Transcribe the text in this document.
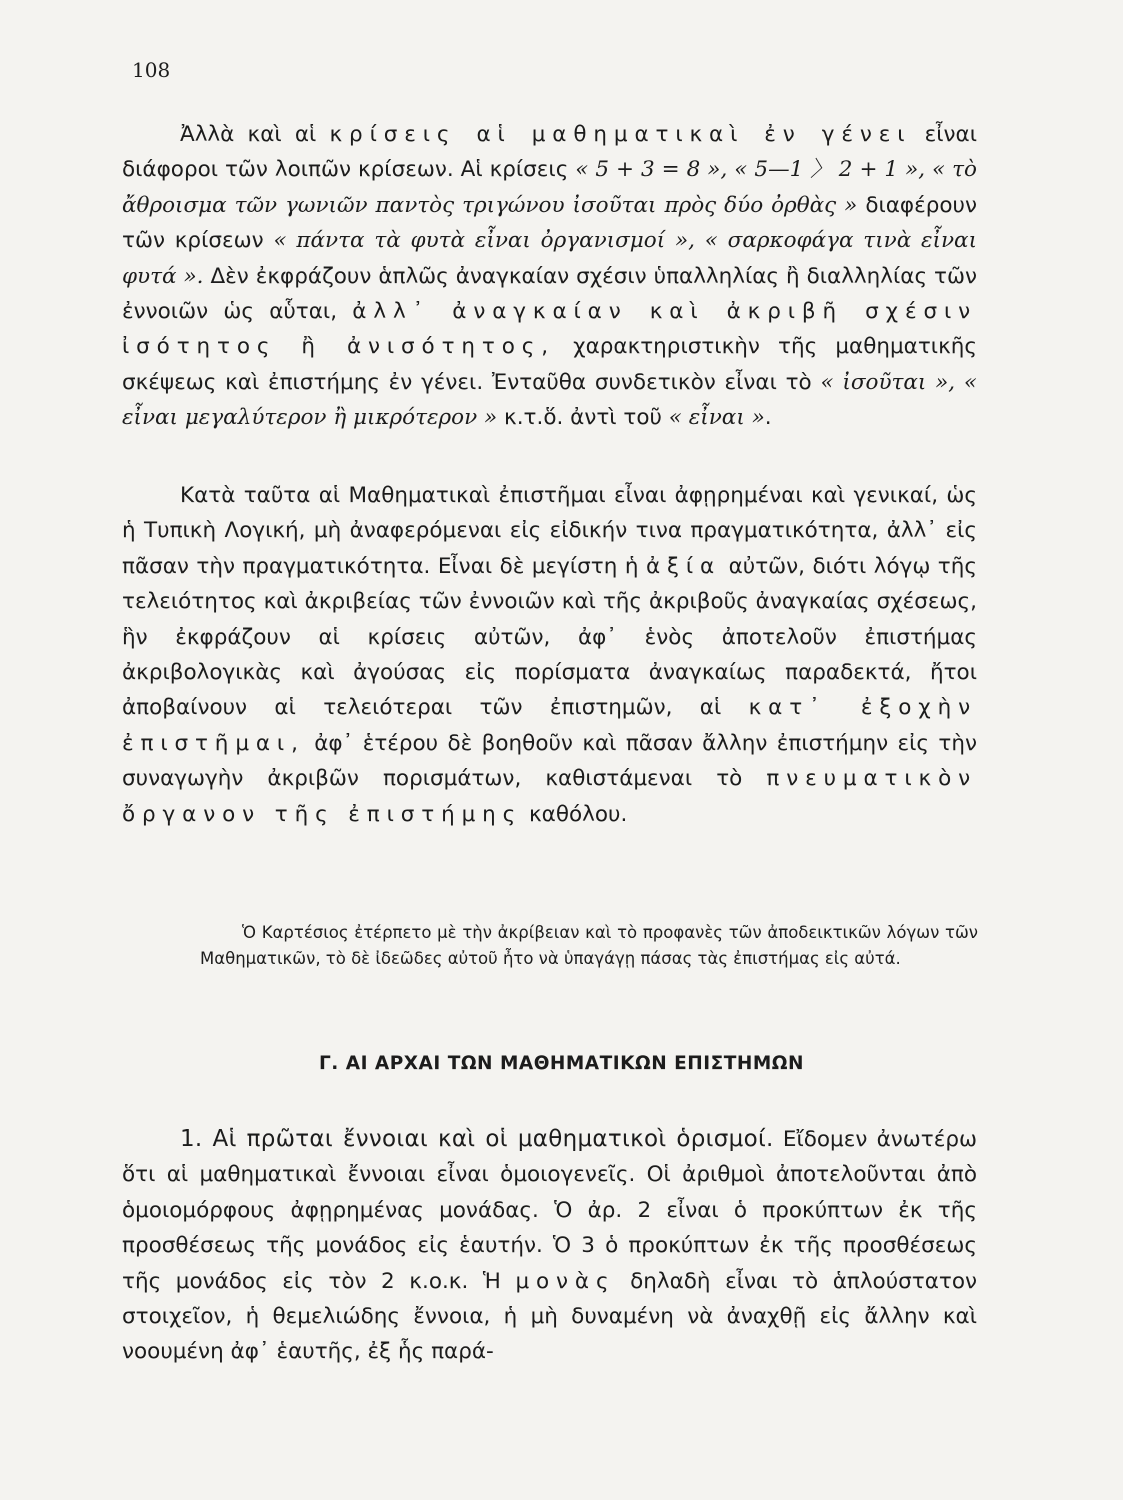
108

Ἀλλὰ καὶ αἱ κρίσεις αἱ μαθηματικαὶ ἐν γένει εἶναι διάφοροι τῶν λοιπῶν κρίσεων. Αἱ κρίσεις « 5 + 3 = 8 », « 5—1 〉 2 + 1 », « τὸ ἄθροισμα τῶν γωνιῶν παντὸς τριγώνου ἰσοῦται πρὸς δύο ὀρθὰς » διαφέρουν τῶν κρίσεων « πάντα τὰ φυτὰ εἶναι ὀργανισμοί », « σαρκοφάγα τινὰ εἶναι φυτά ». Δὲν ἐκφράζουν ἁπλῶς ἀναγκαίαν σχέσιν ὑπαλληλίας ἢ διαλληλίας τῶν ἐννοιῶν ὡς αὗται, ἀλλ᾽ ἀναγκαίαν καὶ ἀκριβῆ σχέσιν ἰσότητος ἢ ἀνισότητος, χαρακτηριστικὴν τῆς μαθηματικῆς σκέψεως καὶ ἐπιστήμης ἐν γένει. Ἐνταῦθα συνδετικὸν εἶναι τὸ « ἰσοῦται », « εἶναι μεγαλύτερον ἢ μικρότερον » κ.τ.ὅ. ἀντὶ τοῦ « εἶναι ».

Κατὰ ταῦτα αἱ Μαθηματικαὶ ἐπιστῆμαι εἶναι ἀφῃρημέναι καὶ γενικαί, ὡς ἡ Τυπικὴ Λογική, μὴ ἀναφερόμεναι εἰς εἰδικήν τινα πραγματικότητα, ἀλλ᾽ εἰς πᾶσαν τὴν πραγματικότητα. Εἶναι δὲ μεγίστη ἡ ἀξία αὐτῶν, διότι λόγῳ τῆς τελειότητος καὶ ἀκριβείας τῶν ἐννοιῶν καὶ τῆς ἀκριβοῦς ἀναγκαίας σχέσεως, ἣν ἐκφράζουν αἱ κρίσεις αὐτῶν, ἀφ᾽ ἑνὸς ἀποτελοῦν ἐπιστήμας ἀκριβολογικὰς καὶ ἀγούσας εἰς πορίσματα ἀναγκαίως παραδεκτά, ἤτοι ἀποβαίνουν αἱ τελειότεραι τῶν ἐπιστημῶν, αἱ κατ᾽ ἐξοχὴν ἐπιστῆμαι, ἀφ᾽ ἑτέρου δὲ βοηθοῦν καὶ πᾶσαν ἄλλην ἐπιστήμην εἰς τὴν συναγωγὴν ἀκριβῶν πορισμάτων, καθιστάμεναι τὸ πνευματικὸν ὄργανον τῆς ἐπιστήμης καθόλου.

Ὁ Καρτέσιος ἐτέρπετο μὲ τὴν ἀκρίβειαν καὶ τὸ προφανὲς τῶν ἀποδεικτικῶν λόγων τῶν Μαθηματικῶν, τὸ δὲ ἰδεῶδες αὐτοῦ ἦτο νὰ ὑπαγάγῃ πάσας τὰς ἐπιστήμας εἰς αὐτά.

Γ. ΑΙ ΑΡΧΑΙ ΤΩΝ ΜΑΘΗΜΑΤΙΚΩΝ ΕΠΙΣΤΗΜΩΝ

1. Αἱ πρῶται ἔννοιαι καὶ οἱ μαθηματικοὶ ὁρισμοί. Εἴδομεν ἀνωτέρω ὅτι αἱ μαθηματικαὶ ἔννοιαι εἶναι ὁμοιογενεῖς. Οἱ ἀριθμοὶ ἀποτελοῦνται ἀπὸ ὁμοιομόρφους ἀφῃρημένας μονάδας. Ὁ ἀρ. 2 εἶναι ὁ προκύπτων ἐκ τῆς προσθέσεως τῆς μονάδος εἰς ἑαυτήν. Ὁ 3 ὁ προκύπτων ἐκ τῆς προσθέσεως τῆς μονάδος εἰς τὸν 2 κ.ο.κ. Ἡ μονὰς δηλαδὴ εἶναι τὸ ἁπλούστατον στοιχεῖον, ἡ θεμελιώδης ἔννοια, ἡ μὴ δυναμένη νὰ ἀναχθῇ εἰς ἄλλην καὶ νοουμένη ἀφ᾽ ἑαυτῆς, ἐξ ἧς παρά-
